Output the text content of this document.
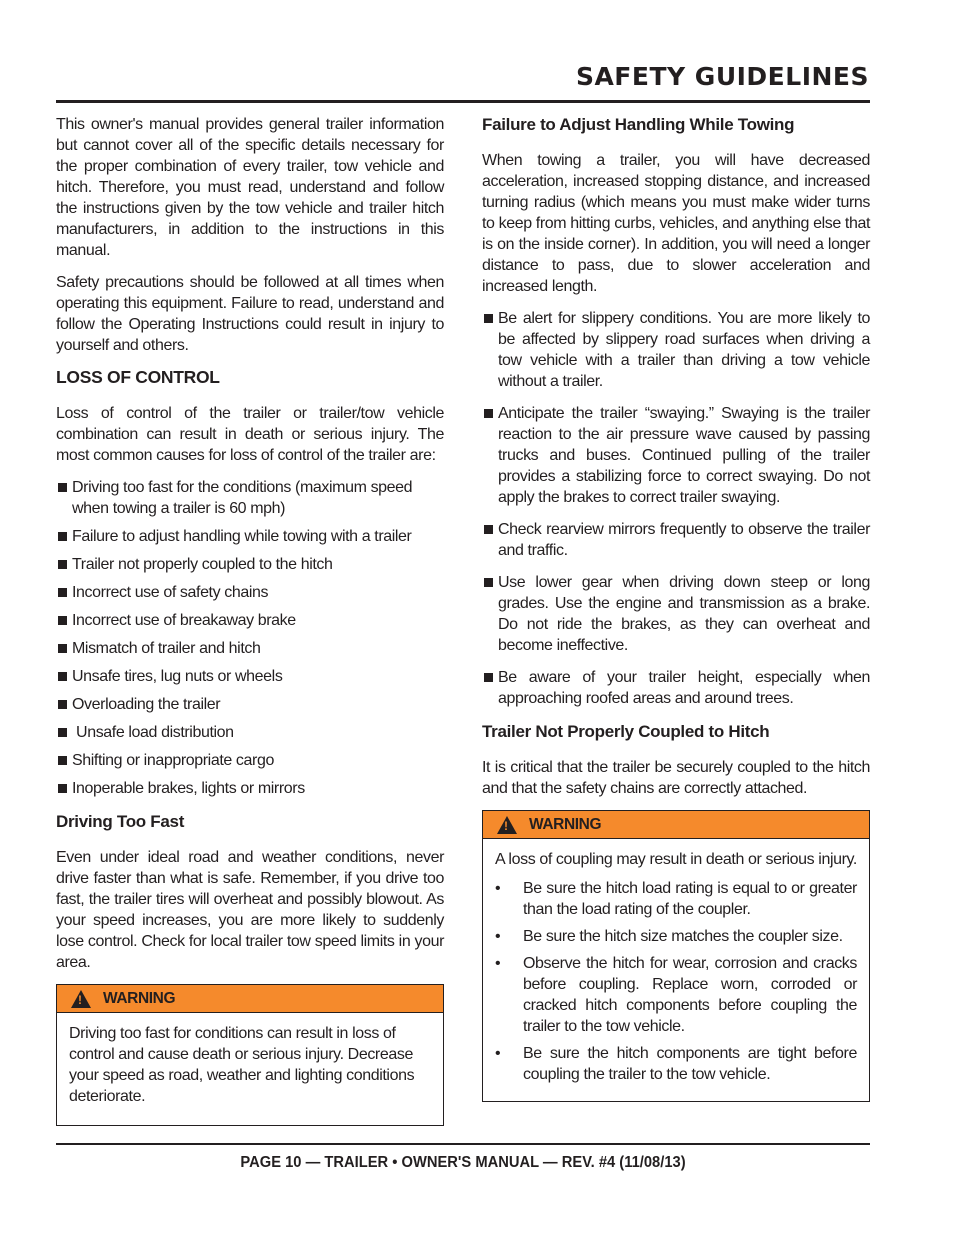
SAFETY GUIDELINES

This owner's manual provides general trailer information but cannot cover all of the specific details necessary for the proper combination of every trailer, tow vehicle and hitch. Therefore, you must read, understand and follow the instructions given by the tow vehicle and trailer hitch manufacturers, in addition to the instructions in this manual.

Safety precautions should be followed at all times when operating this equipment. Failure to read, understand and follow the Operating Instructions could result in injury to yourself and others.

LOSS OF CONTROL

Loss of control of the trailer or trailer/tow vehicle combination can result in death or serious injury. The most common causes for loss of control of the trailer are:

Driving too fast for the conditions (maximum speed when towing a trailer is 60 mph)
Failure to adjust handling while towing with a trailer
Trailer not properly coupled to the hitch
Incorrect use of safety chains
Incorrect use of breakaway brake
Mismatch of trailer and hitch
Unsafe tires, lug nuts or wheels
Overloading the trailer
Unsafe load distribution
Shifting or inappropriate cargo
Inoperable brakes, lights or mirrors
Driving Too Fast

Even under ideal road and weather conditions, never drive faster than what is safe. Remember, if you drive too fast, the trailer tires will overheat and possibly blowout. As your speed increases, you are more likely to suddenly lose control. Check for local trailer tow speed limits in your area.

! WARNING

Driving too fast for conditions can result in loss of control and cause death or serious injury. Decrease your speed as road, weather and lighting conditions deteriorate.

Failure to Adjust Handling While Towing

When towing a trailer, you will have decreased acceleration, increased stopping distance, and increased turning radius (which means you must make wider turns to keep from hitting curbs, vehicles, and anything else that is on the inside corner). In addition, you will need a longer distance to pass, due to slower acceleration and increased length.

Be alert for slippery conditions. You are more likely to be affected by slippery road surfaces when driving a tow vehicle with a trailer than driving a tow vehicle without a trailer.
Anticipate the trailer “swaying.” Swaying is the trailer reaction to the air pressure wave caused by passing trucks and buses. Continued pulling of the trailer provides a stabilizing force to correct swaying. Do not apply the brakes to correct trailer swaying.
Check rearview mirrors frequently to observe the trailer and traffic.
Use lower gear when driving down steep or long grades. Use the engine and transmission as a brake. Do not ride the brakes, as they can overheat and become ineffective.
Be aware of your trailer height, especially when approaching roofed areas and around trees.
Trailer Not Properly Coupled to Hitch

It is critical that the trailer be securely coupled to the hitch and that the safety chains are correctly attached.

! WARNING

A loss of coupling may result in death or serious injury.

• Be sure the hitch load rating is equal to or greater than the load rating of the coupler.
• Be sure the hitch size matches the coupler size.
• Observe the hitch for wear, corrosion and cracks before coupling. Replace worn, corroded or cracked hitch components before coupling the trailer to the tow vehicle.
• Be sure the hitch components are tight before coupling the trailer to the tow vehicle.
PAGE 10 — TRAILER • OWNER'S MANUAL — REV. #4 (11/08/13)
